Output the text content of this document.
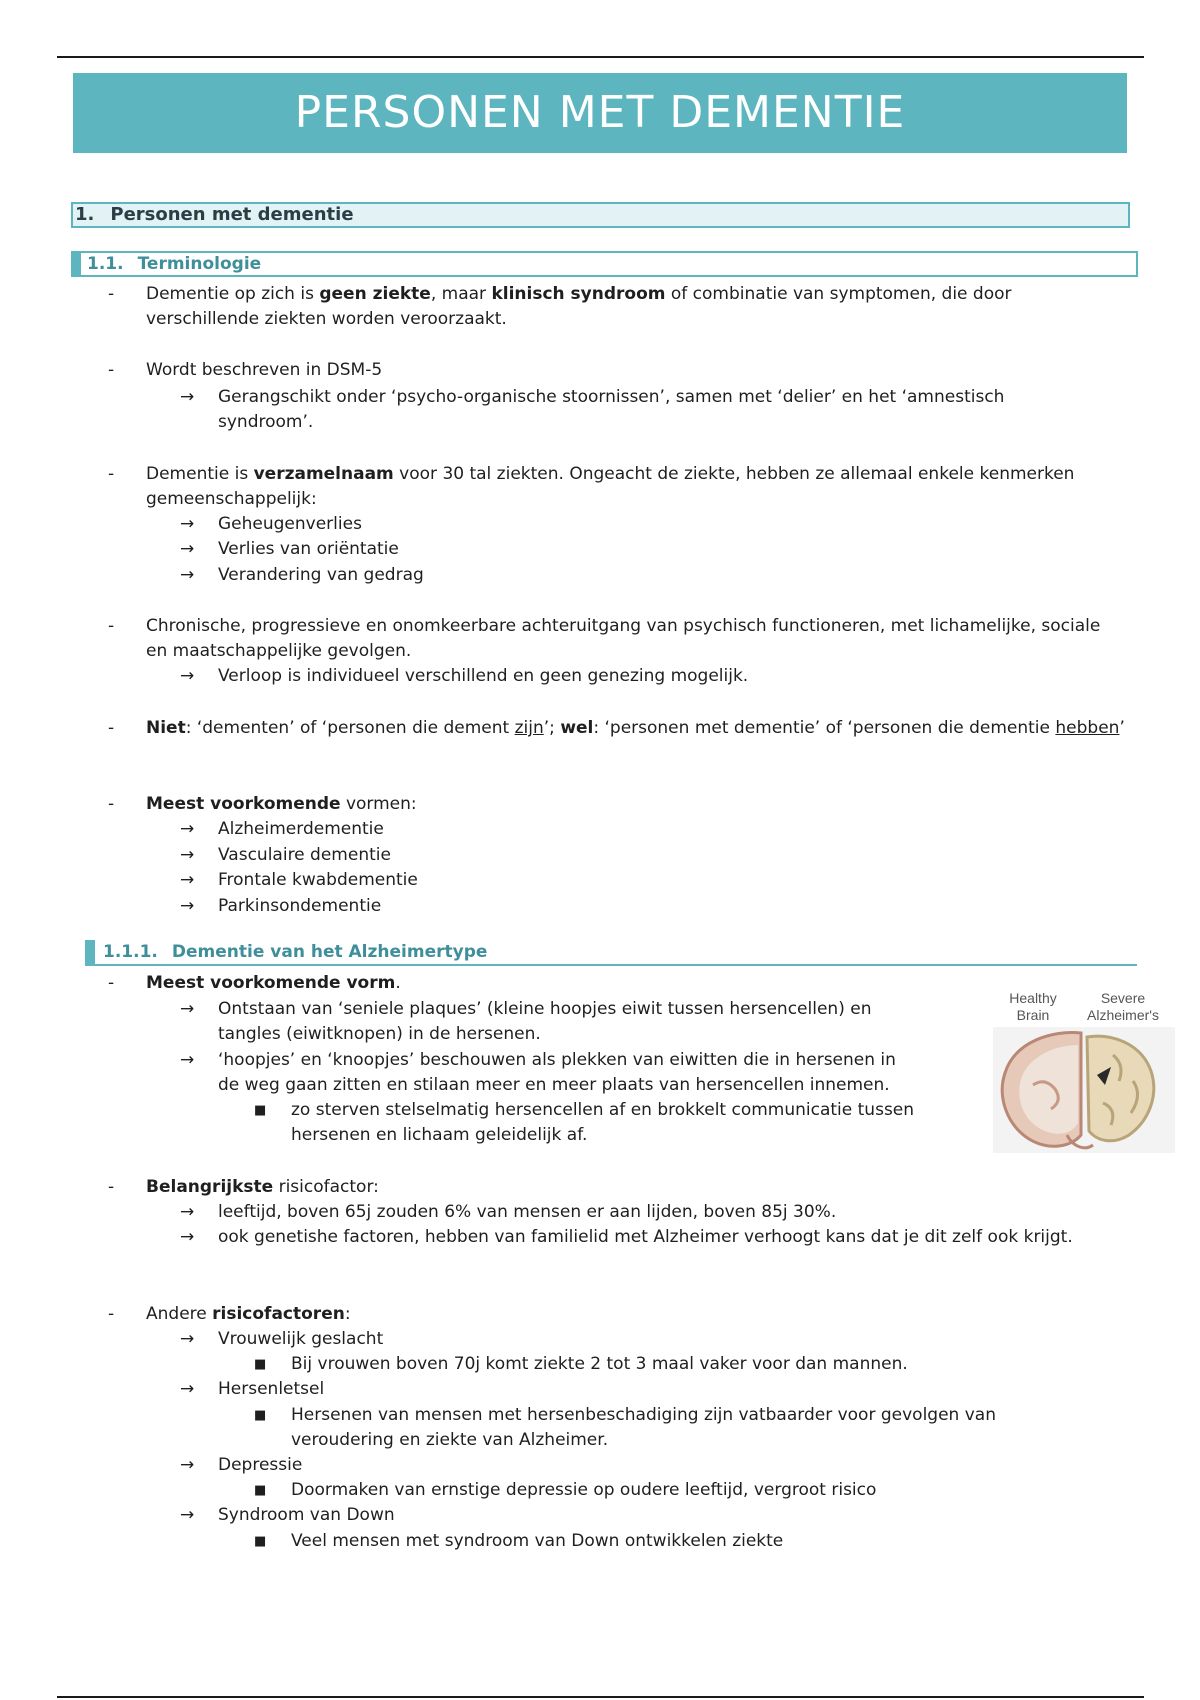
PERSONEN MET DEMENTIE
1. Personen met dementie
1.1. Terminologie
- Dementie op zich is geen ziekte, maar klinisch syndroom of combinatie van symptomen, die door verschillende ziekten worden veroorzaakt.

- Wordt beschreven in DSM-5

→ Gerangschikt onder ‘psycho-organische stoornissen’, samen met ‘delier’ en het ‘amnestisch syndroom’.

- Dementie is verzamelnaam voor 30 tal ziekten. Ongeacht de ziekte, hebben ze allemaal enkele kenmerken gemeenschappelijk:

→ Geheugenverlies

→ Verlies van oriëntatie

→ Verandering van gedrag

- Chronische, progressieve en onomkeerbare achteruitgang van psychisch functioneren, met lichamelijke, sociale en maatschappelijke gevolgen.

→ Verloop is individueel verschillend en geen genezing mogelijk.

- Niet: ‘dementen’ of ‘personen die dement zijn’; wel: ‘personen met dementie’ of ‘personen die dementie hebben’

- Meest voorkomende vormen:

→ Alzheimerdementie

→ Vasculaire dementie

→ Frontale kwabdementie

→ Parkinsondementie

1.1.1. Dementie van het Alzheimertype
- Meest voorkomende vorm.

→ Ontstaan van ‘seniele plaques’ (kleine hoopjes eiwit tussen hersencellen) en tangles (eiwitknopen) in de hersenen.

→ ‘hoopjes’ en ‘knoopjes’ beschouwen als plekken van eiwitten die in hersenen in de weg gaan zitten en stilaan meer en meer plaats van hersencellen innemen.

■ zo sterven stelselmatig hersencellen af en brokkelt communicatie tussen hersenen en lichaam geleidelijk af.

Healthy Brain
Severe Alzheimer's
- Belangrijkste risicofactor:

→ leeftijd, boven 65j zouden 6% van mensen er aan lijden, boven 85j 30%.

→ ook genetishe factoren, hebben van familielid met Alzheimer verhoogt kans dat je dit zelf ook krijgt.

- Andere risicofactoren:

→ Vrouwelijk geslacht

■ Bij vrouwen boven 70j komt ziekte 2 tot 3 maal vaker voor dan mannen.

→ Hersenletsel

■ Hersenen van mensen met hersenbeschadiging zijn vatbaarder voor gevolgen van veroudering en ziekte van Alzheimer.

→ Depressie

■ Doormaken van ernstige depressie op oudere leeftijd, vergroot risico

→ Syndroom van Down

■ Veel mensen met syndroom van Down ontwikkelen ziekte
